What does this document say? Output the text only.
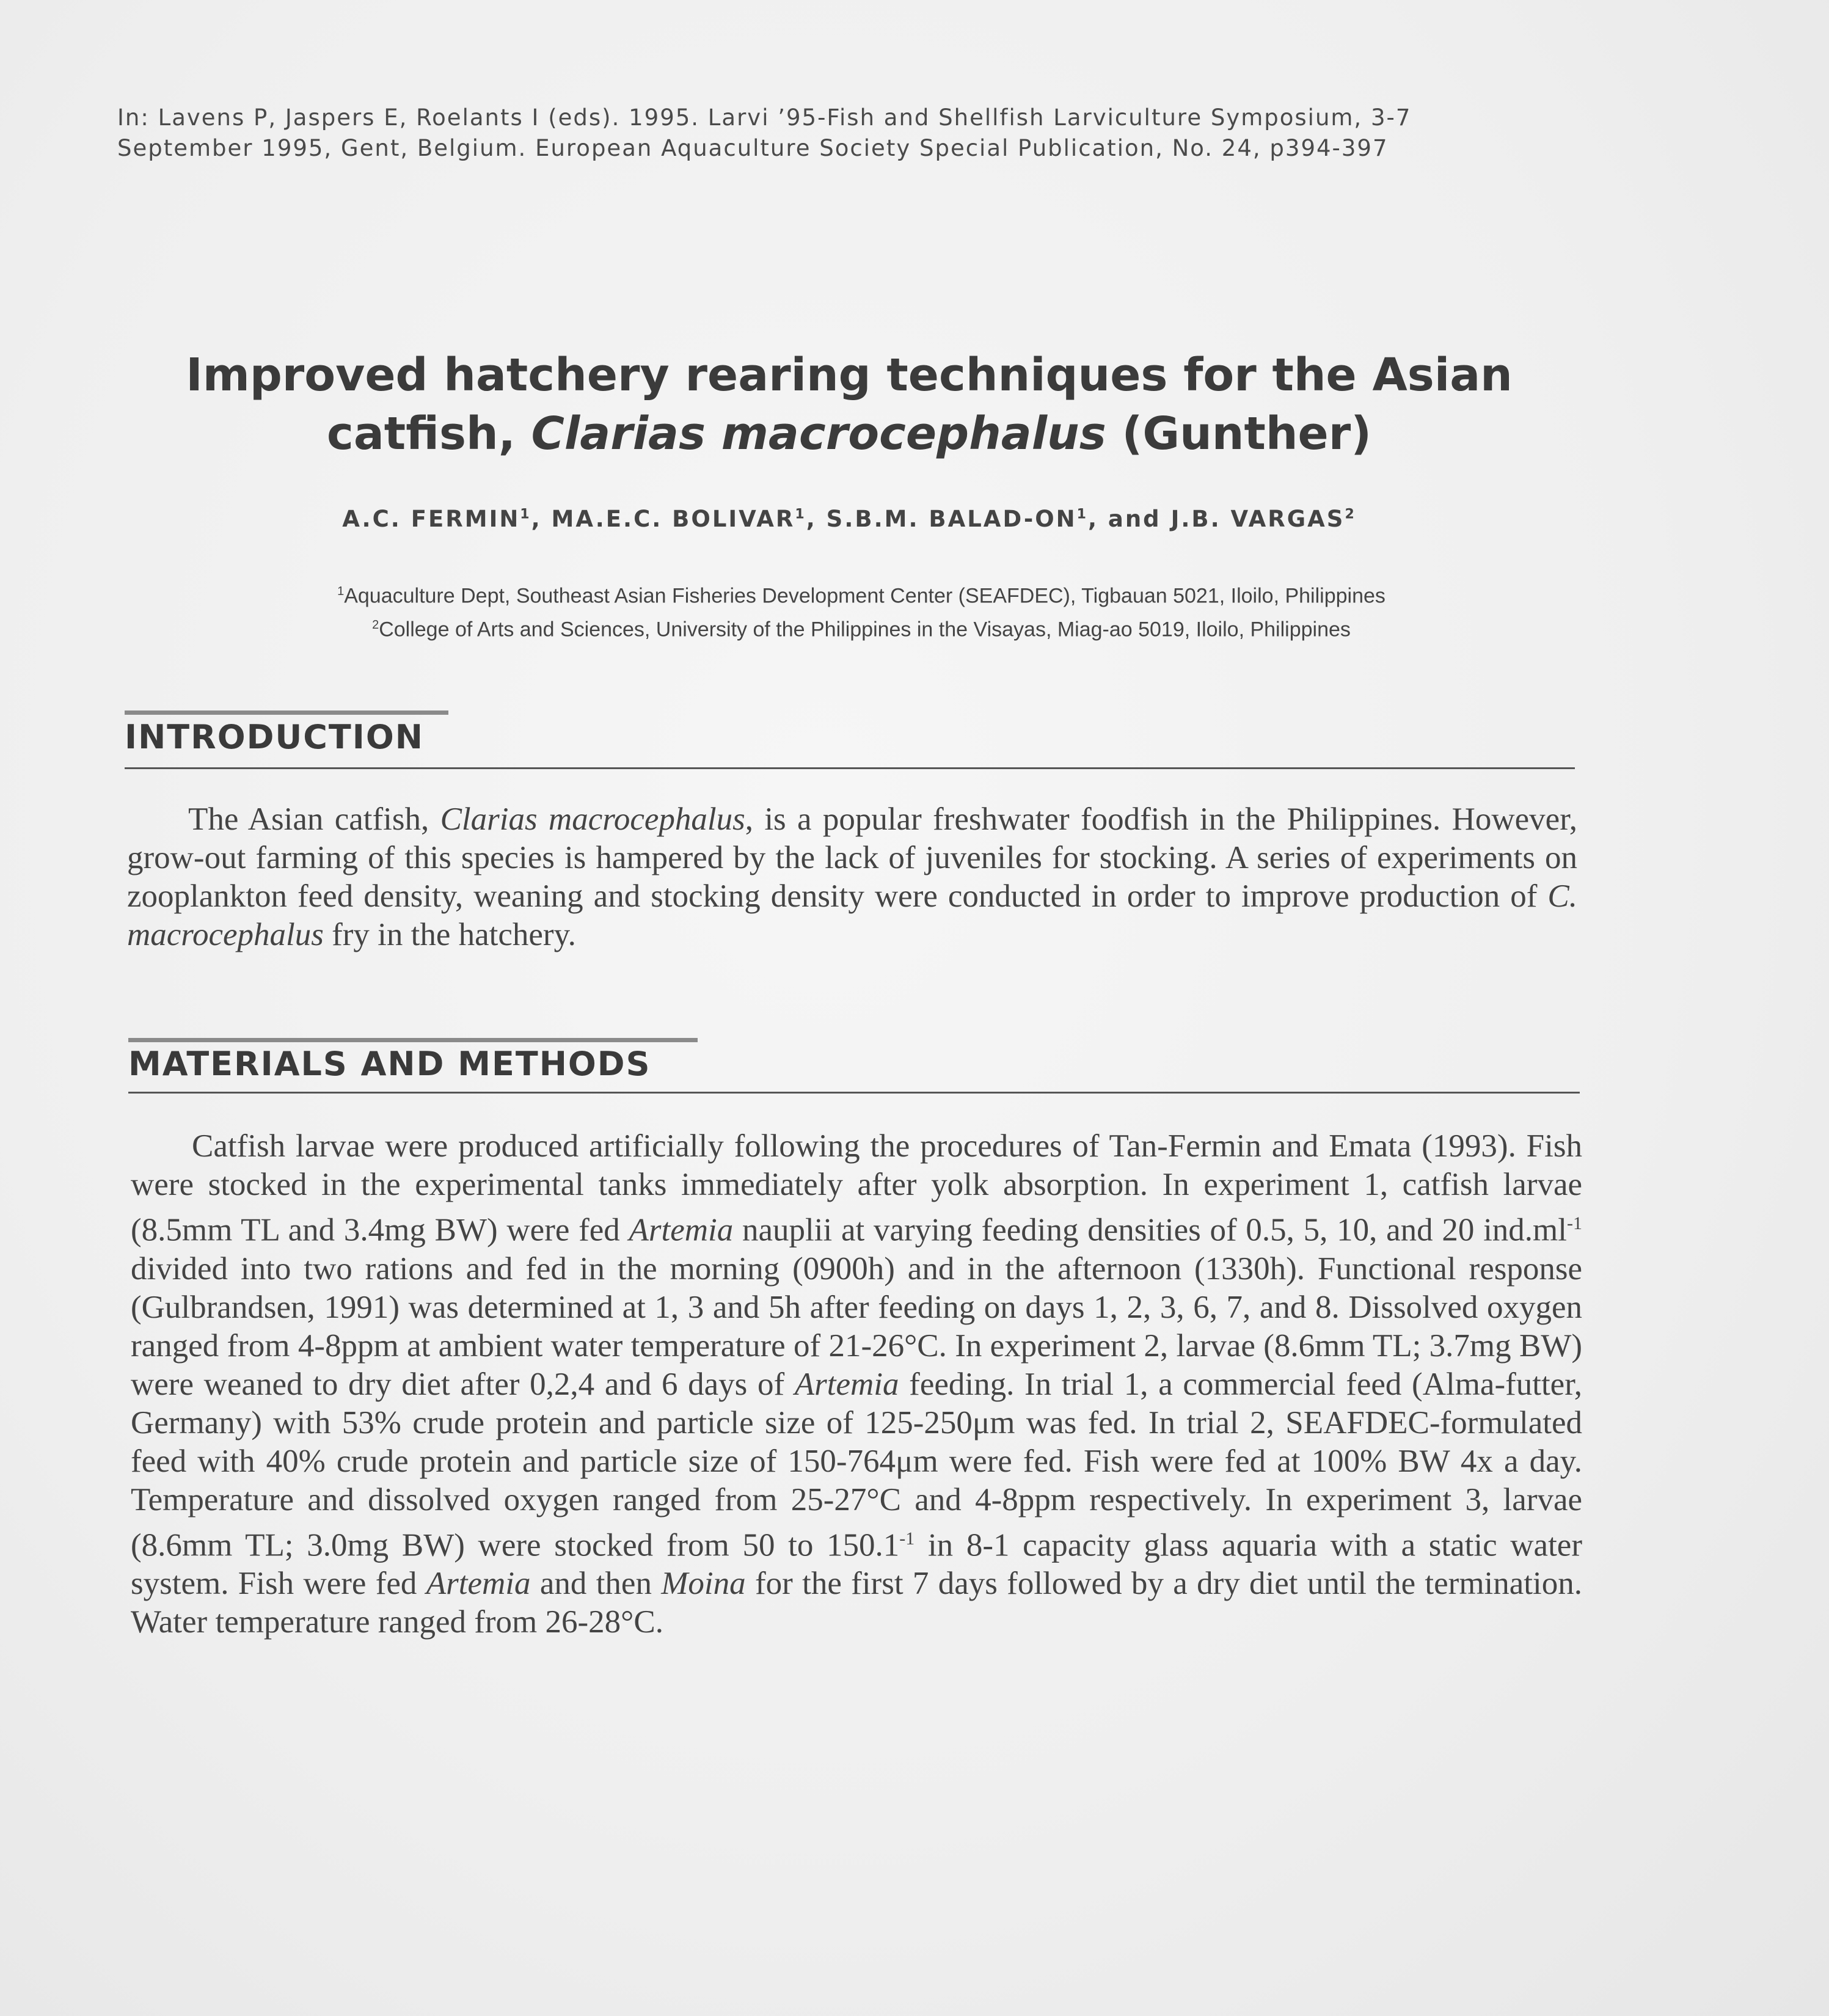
In: Lavens P, Jaspers E, Roelants I (eds). 1995. Larvi ’95-Fish and Shellfish Larviculture Symposium, 3-7
September 1995, Gent, Belgium. European Aquaculture Society Special Publication, No. 24, p394-397
Improved hatchery rearing techniques for the Asian
catfish, Clarias macrocephalus (Gunther)
A.C. FERMIN$^1$, MA.E.C. BOLIVAR$^1$, S.B.M. BALAD-$ON^1$, and J.B. VARGAS$^2$
$^1$Aquaculture Dept, Southeast Asian Fisheries Development Center (SEAFDEC), Tigbauan 5021, Iloilo, Philippines
$^2$College of Arts and Sciences, University of the Philippines in the Visayas, Miag-ao 5019, Iloilo, Philippines
INTRODUCTION

The Asian catfish, Clarias macrocephalus, is a popular freshwater foodfish in the Philippines. However, grow-out farming of this species is hampered by the lack of juveniles for stocking. A series of experiments on zooplankton feed density, weaning and stocking density were conducted in order to improve production of C. macrocephalus fry in the hatchery.

MATERIALS AND METHODS

Catfish larvae were produced artificially following the procedures of Tan-Fermin and Emata (1993). Fish were stocked in the experimental tanks immediately after yolk absorption. In experiment 1, catfish larvae (8.5mm TL and 3.4mg BW) were fed Artemia nauplii at varying feeding densities of 0.5, 5, 10, and 20 $ind.ml^{-1}$ divided into two rations and fed in the morning (0900h) and in the afternoon (1330h). Functional response (Gulbrandsen, 1991) was determined at 1, 3 and 5h after feeding on days 1, 2, 3, 6, 7, and 8. Dissolved oxygen ranged from 4-8ppm at ambient water temperature of 21-26°C. In experiment 2, larvae (8.6mm TL; 3.7mg BW) were weaned to dry diet after 0,2,4 and 6 days of Artemia feeding. In trial 1, a commercial feed (Alma-futter, Germany) with 53% crude protein and particle size of 125-250μm was fed. In trial 2, SEAFDEC-formulated feed with 40% crude protein and particle size of 150-764μm were fed. Fish were fed at 100% BW 4x a day. Temperature and dissolved oxygen ranged from 25-27°C and 4-8ppm respectively. In experiment 3, larvae (8.6mm TL; 3.0mg BW) were stocked from 50 to $150.1^{-1}$ in 8-1 capacity glass aquaria with a static water system. Fish were fed Artemia and then Moina for the first 7 days followed by a dry diet until the termination. Water temperature ranged from 26-28°C.
